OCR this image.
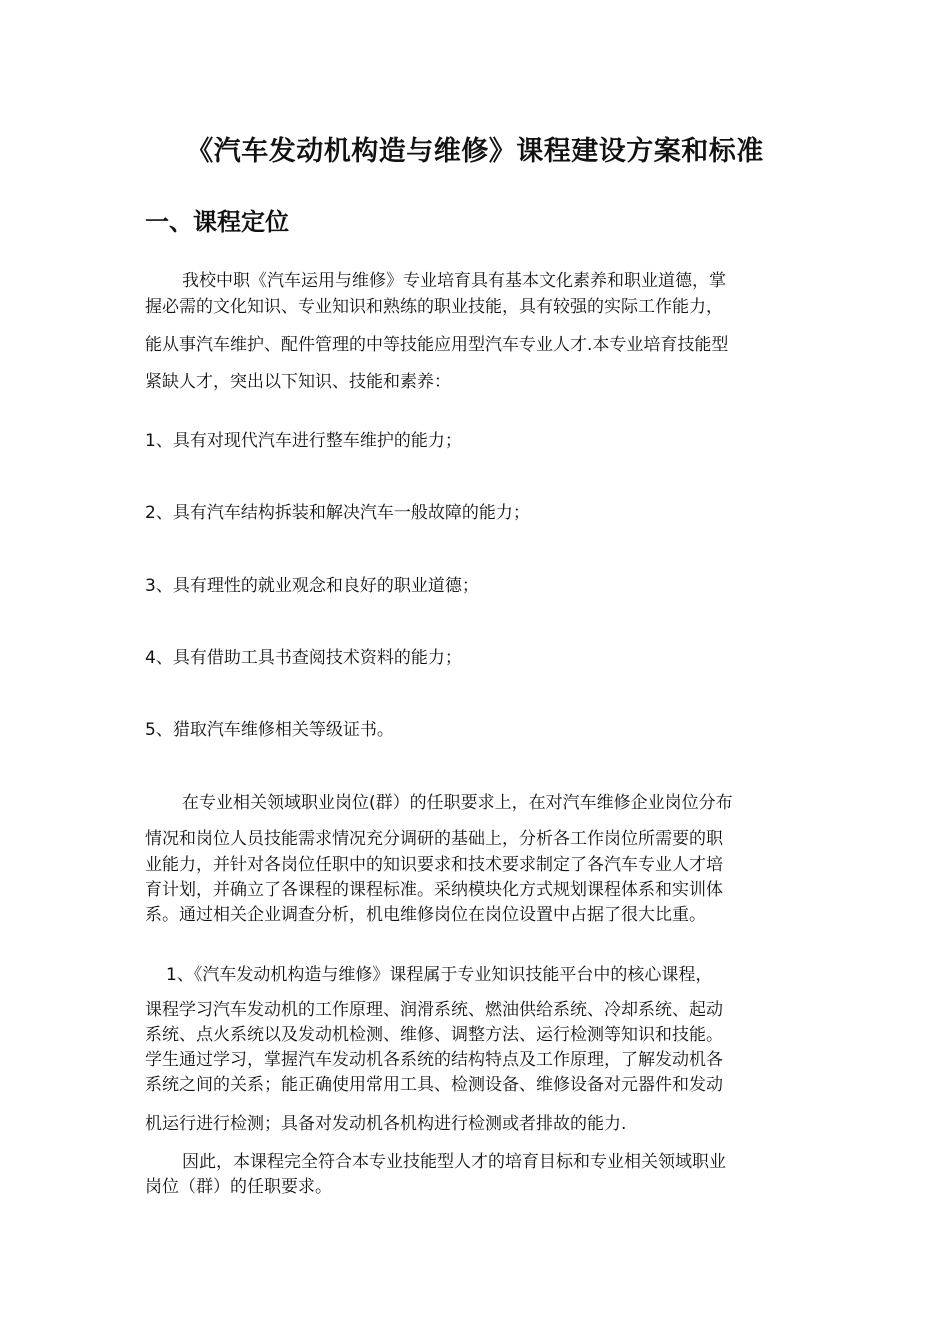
《汽车发动机构造与维修》课程建设方案和标准
一、课程定位
我校中职《汽车运用与维修》专业培育具有基本文化素养和职业道德，掌
握必需的文化知识、专业知识和熟练的职业技能，具有较强的实际工作能力，
能从事汽车维护、配件管理的中等技能应用型汽车专业人才.本专业培育技能型
紧缺人才，突出以下知识、技能和素养：
1、具有对现代汽车进行整车维护的能力；
2、具有汽车结构拆装和解决汽车一般故障的能力；
3、具有理性的就业观念和良好的职业道德；
4、具有借助工具书查阅技术资料的能力；
5、猎取汽车维修相关等级证书。
在专业相关领域职业岗位(群）的任职要求上，在对汽车维修企业岗位分布
情况和岗位人员技能需求情况充分调研的基础上，分析各工作岗位所需要的职
业能力，并针对各岗位任职中的知识要求和技术要求制定了各汽车专业人才培
育计划，并确立了各课程的课程标准。采纳模块化方式规划课程体系和实训体
系。通过相关企业调查分析，机电维修岗位在岗位设置中占据了很大比重。
1、《汽车发动机构造与维修》课程属于专业知识技能平台中的核心课程，
课程学习汽车发动机的工作原理、润滑系统、燃油供给系统、冷却系统、起动
系统、点火系统以及发动机检测、维修、调整方法、运行检测等知识和技能。
学生通过学习，掌握汽车发动机各系统的结构特点及工作原理，了解发动机各
系统之间的关系；能正确使用常用工具、检测设备、维修设备对元器件和发动
机运行进行检测；具备对发动机各机构进行检测或者排故的能力.
因此，本课程完全符合本专业技能型人才的培育目标和专业相关领域职业
岗位（群）的任职要求。
